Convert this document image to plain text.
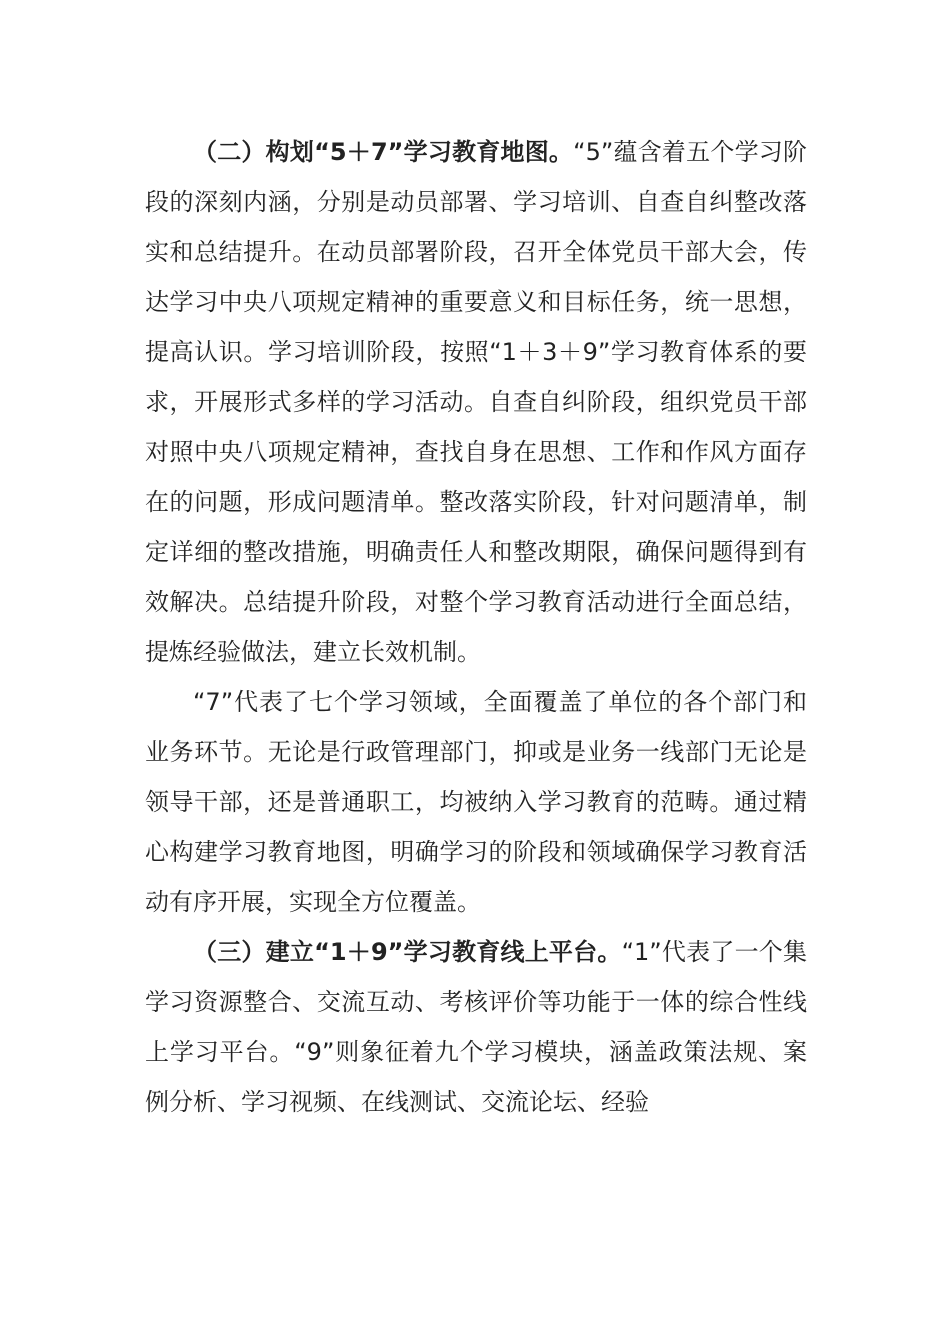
（二）构划“5＋7”学习教育地图。“5”蕴含着五个学习阶段的深刻内涵，分别是动员部署、学习培训、自查自纠整改落实和总结提升。在动员部署阶段，召开全体党员干部大会，传达学习中央八项规定精神的重要意义和目标任务，统一思想，提高认识。学习培训阶段，按照“1＋3＋9”学习教育体系的要求，开展形式多样的学习活动。自查自纠阶段，组织党员干部对照中央八项规定精神，查找自身在思想、工作和作风方面存在的问题，形成问题清单。整改落实阶段，针对问题清单，制定详细的整改措施，明确责任人和整改期限，确保问题得到有效解决。总结提升阶段，对整个学习教育活动进行全面总结，提炼经验做法，建立长效机制。

“7”代表了七个学习领域，全面覆盖了单位的各个部门和业务环节。无论是行政管理部门，抑或是业务一线部门无论是领导干部，还是普通职工，均被纳入学习教育的范畴。通过精心构建学习教育地图，明确学习的阶段和领域确保学习教育活动有序开展，实现全方位覆盖。

（三）建立“1＋9”学习教育线上平台。“1”代表了一个集学习资源整合、交流互动、考核评价等功能于一体的综合性线上学习平台。“9”则象征着九个学习模块，涵盖政策法规、案例分析、学习视频、在线测试、交流论坛、经验
